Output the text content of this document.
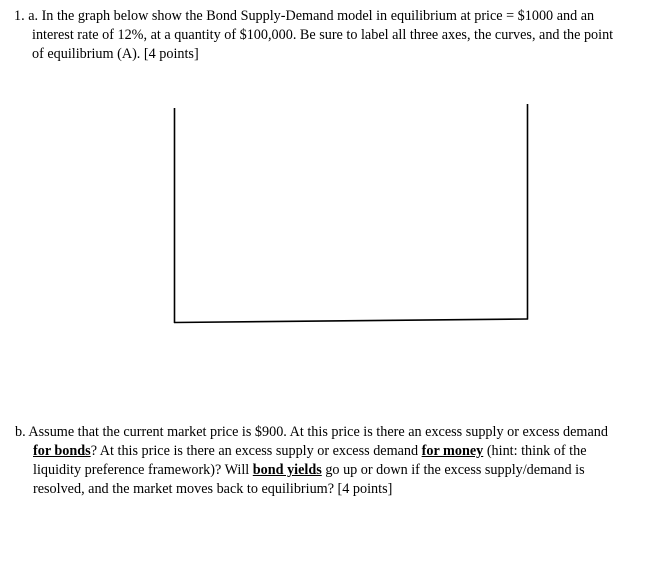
1. a. In the graph below show the Bond Supply-Demand model in equilibrium at price = $1000 and an
interest rate of 12%, at a quantity of $100,000. Be sure to label all three axes, the curves, and the point
of equilibrium (A). [4 points]
b. Assume that the current market price is $900. At this price is there an excess supply or excess demand
for bonds? At this price is there an excess supply or excess demand for money (hint: think of the
liquidity preference framework)? Will bond yields go up or down if the excess supply/demand is
resolved, and the market moves back to equilibrium? [4 points]
